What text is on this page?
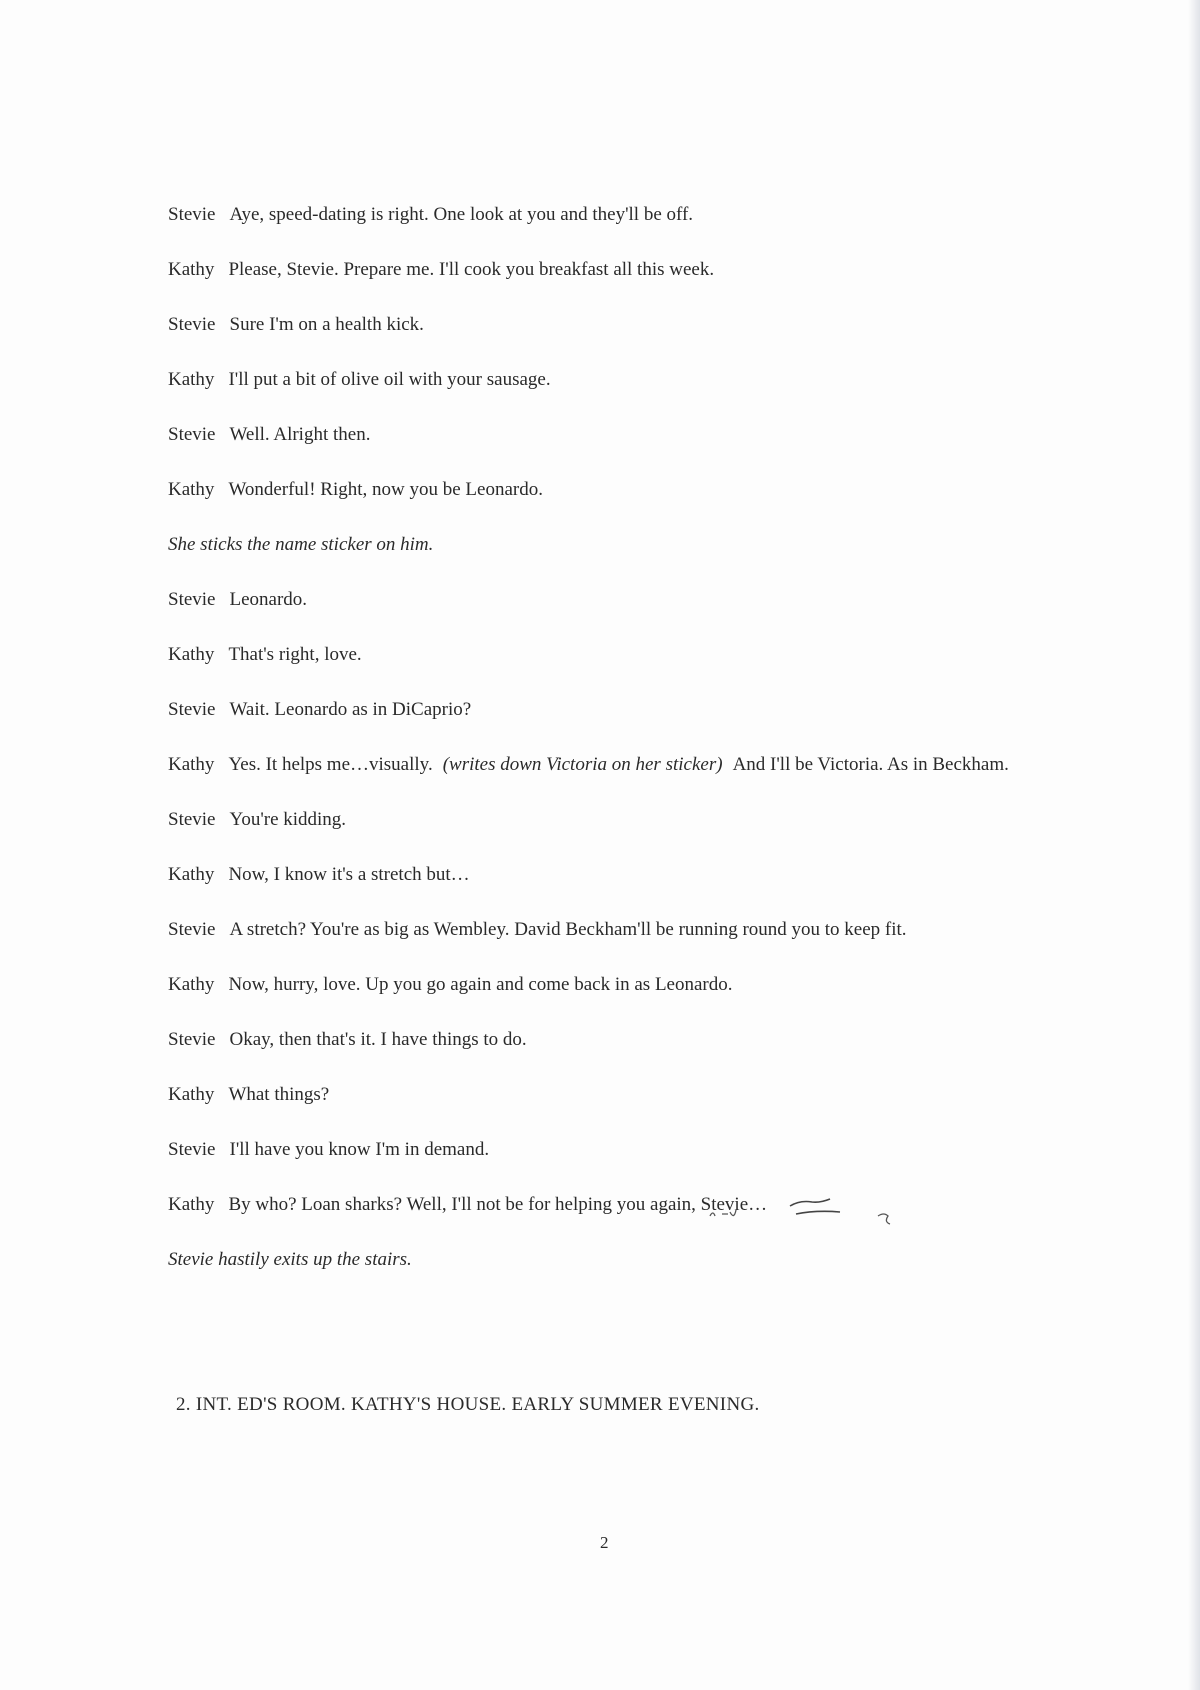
Stevie Aye, speed-dating is right. One look at you and they'll be off.
Kathy Please, Stevie. Prepare me. I'll cook you breakfast all this week.
Stevie Sure I'm on a health kick.
Kathy I'll put a bit of olive oil with your sausage.
Stevie Well. Alright then.
Kathy Wonderful! Right, now you be Leonardo.
She sticks the name sticker on him.
Stevie Leonardo.
Kathy That's right, love.
Stevie Wait. Leonardo as in DiCaprio?
Kathy Yes. It helps me…visually. (writes down Victoria on her sticker) And I'll be Victoria. As in Beckham.
Stevie You're kidding.
Kathy Now, I know it's a stretch but…
Stevie A stretch? You're as big as Wembley. David Beckham'll be running round you to keep fit.
Kathy Now, hurry, love. Up you go again and come back in as Leonardo.
Stevie Okay, then that's it. I have things to do.
Kathy What things?
Stevie I'll have you know I'm in demand.
Kathy By who? Loan sharks? Well, I'll not be for helping you again, Stevie…
Stevie hastily exits up the stairs.
2. INT. ED'S ROOM. KATHY'S HOUSE. EARLY SUMMER EVENING.
2
